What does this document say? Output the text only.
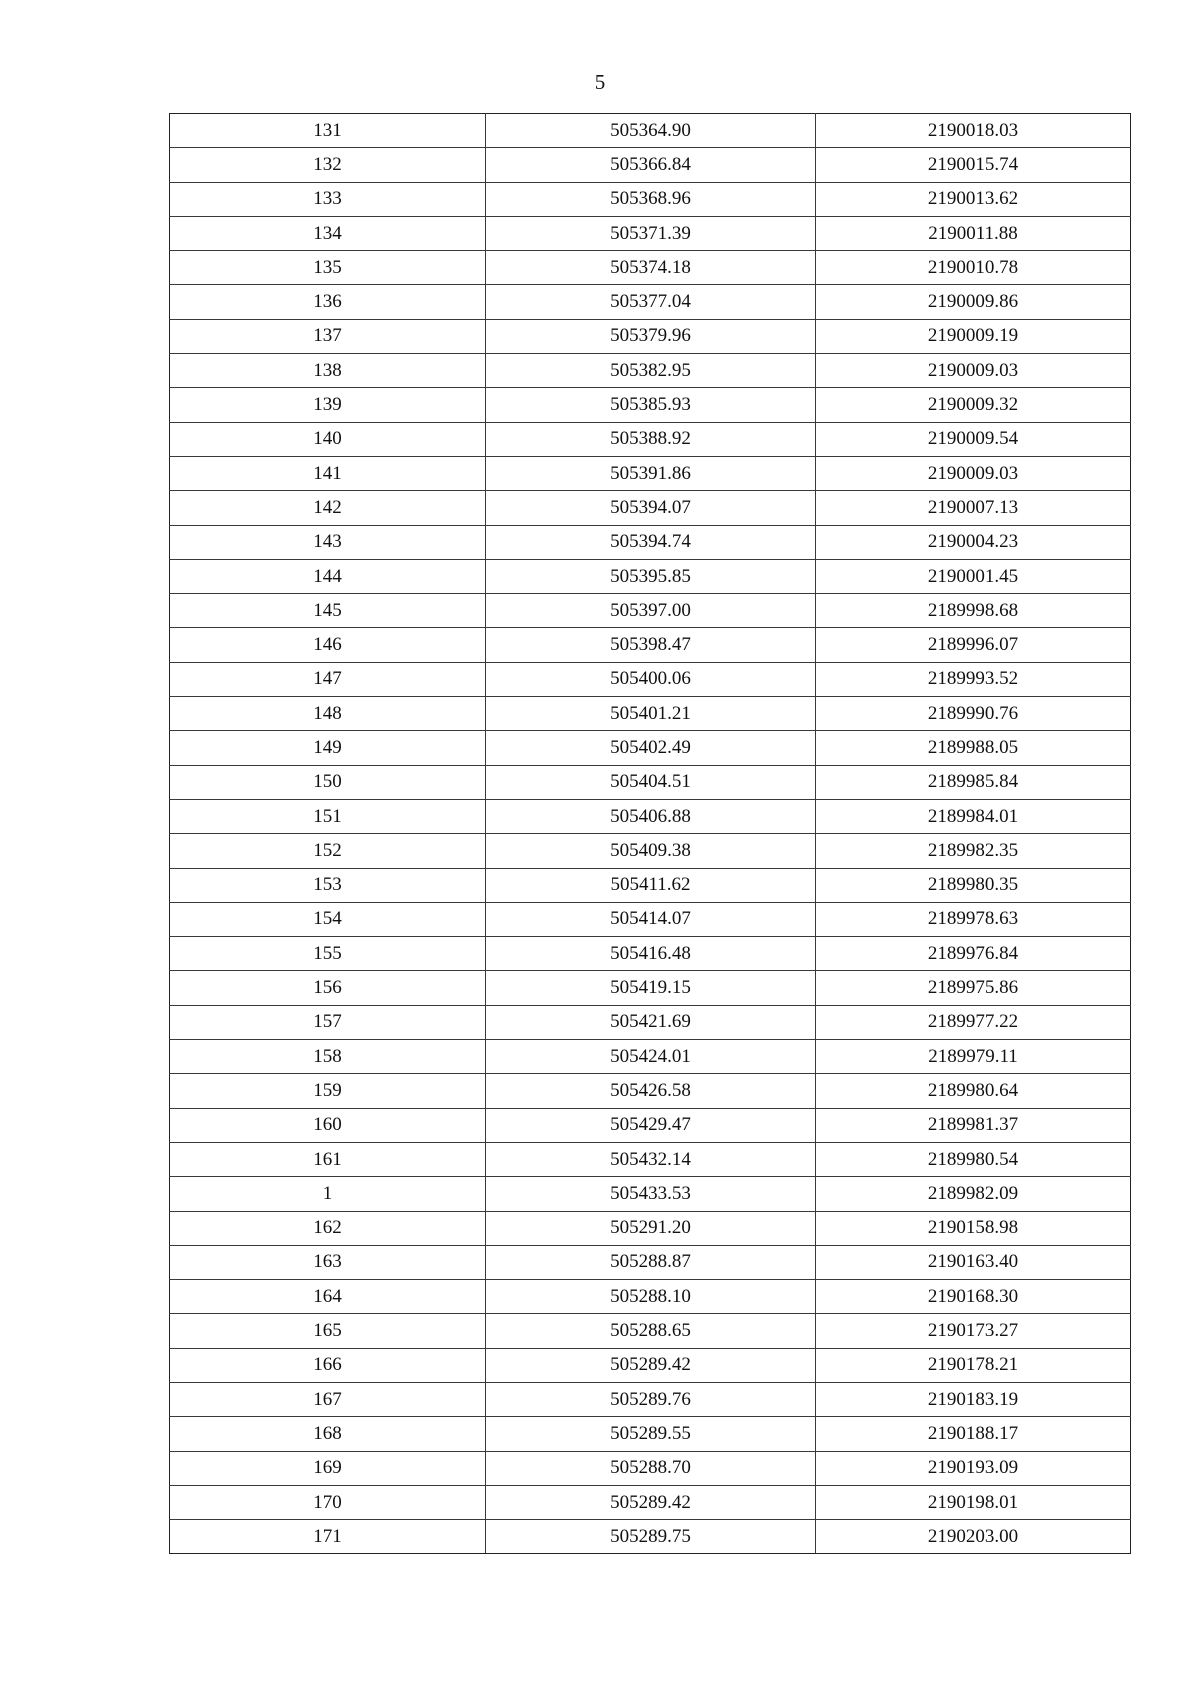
5
131	505364.90	2190018.03
132	505366.84	2190015.74
133	505368.96	2190013.62
134	505371.39	2190011.88
135	505374.18	2190010.78
136	505377.04	2190009.86
137	505379.96	2190009.19
138	505382.95	2190009.03
139	505385.93	2190009.32
140	505388.92	2190009.54
141	505391.86	2190009.03
142	505394.07	2190007.13
143	505394.74	2190004.23
144	505395.85	2190001.45
145	505397.00	2189998.68
146	505398.47	2189996.07
147	505400.06	2189993.52
148	505401.21	2189990.76
149	505402.49	2189988.05
150	505404.51	2189985.84
151	505406.88	2189984.01
152	505409.38	2189982.35
153	505411.62	2189980.35
154	505414.07	2189978.63
155	505416.48	2189976.84
156	505419.15	2189975.86
157	505421.69	2189977.22
158	505424.01	2189979.11
159	505426.58	2189980.64
160	505429.47	2189981.37
161	505432.14	2189980.54
1	505433.53	2189982.09
162	505291.20	2190158.98
163	505288.87	2190163.40
164	505288.10	2190168.30
165	505288.65	2190173.27
166	505289.42	2190178.21
167	505289.76	2190183.19
168	505289.55	2190188.17
169	505288.70	2190193.09
170	505289.42	2190198.01
171	505289.75	2190203.00
